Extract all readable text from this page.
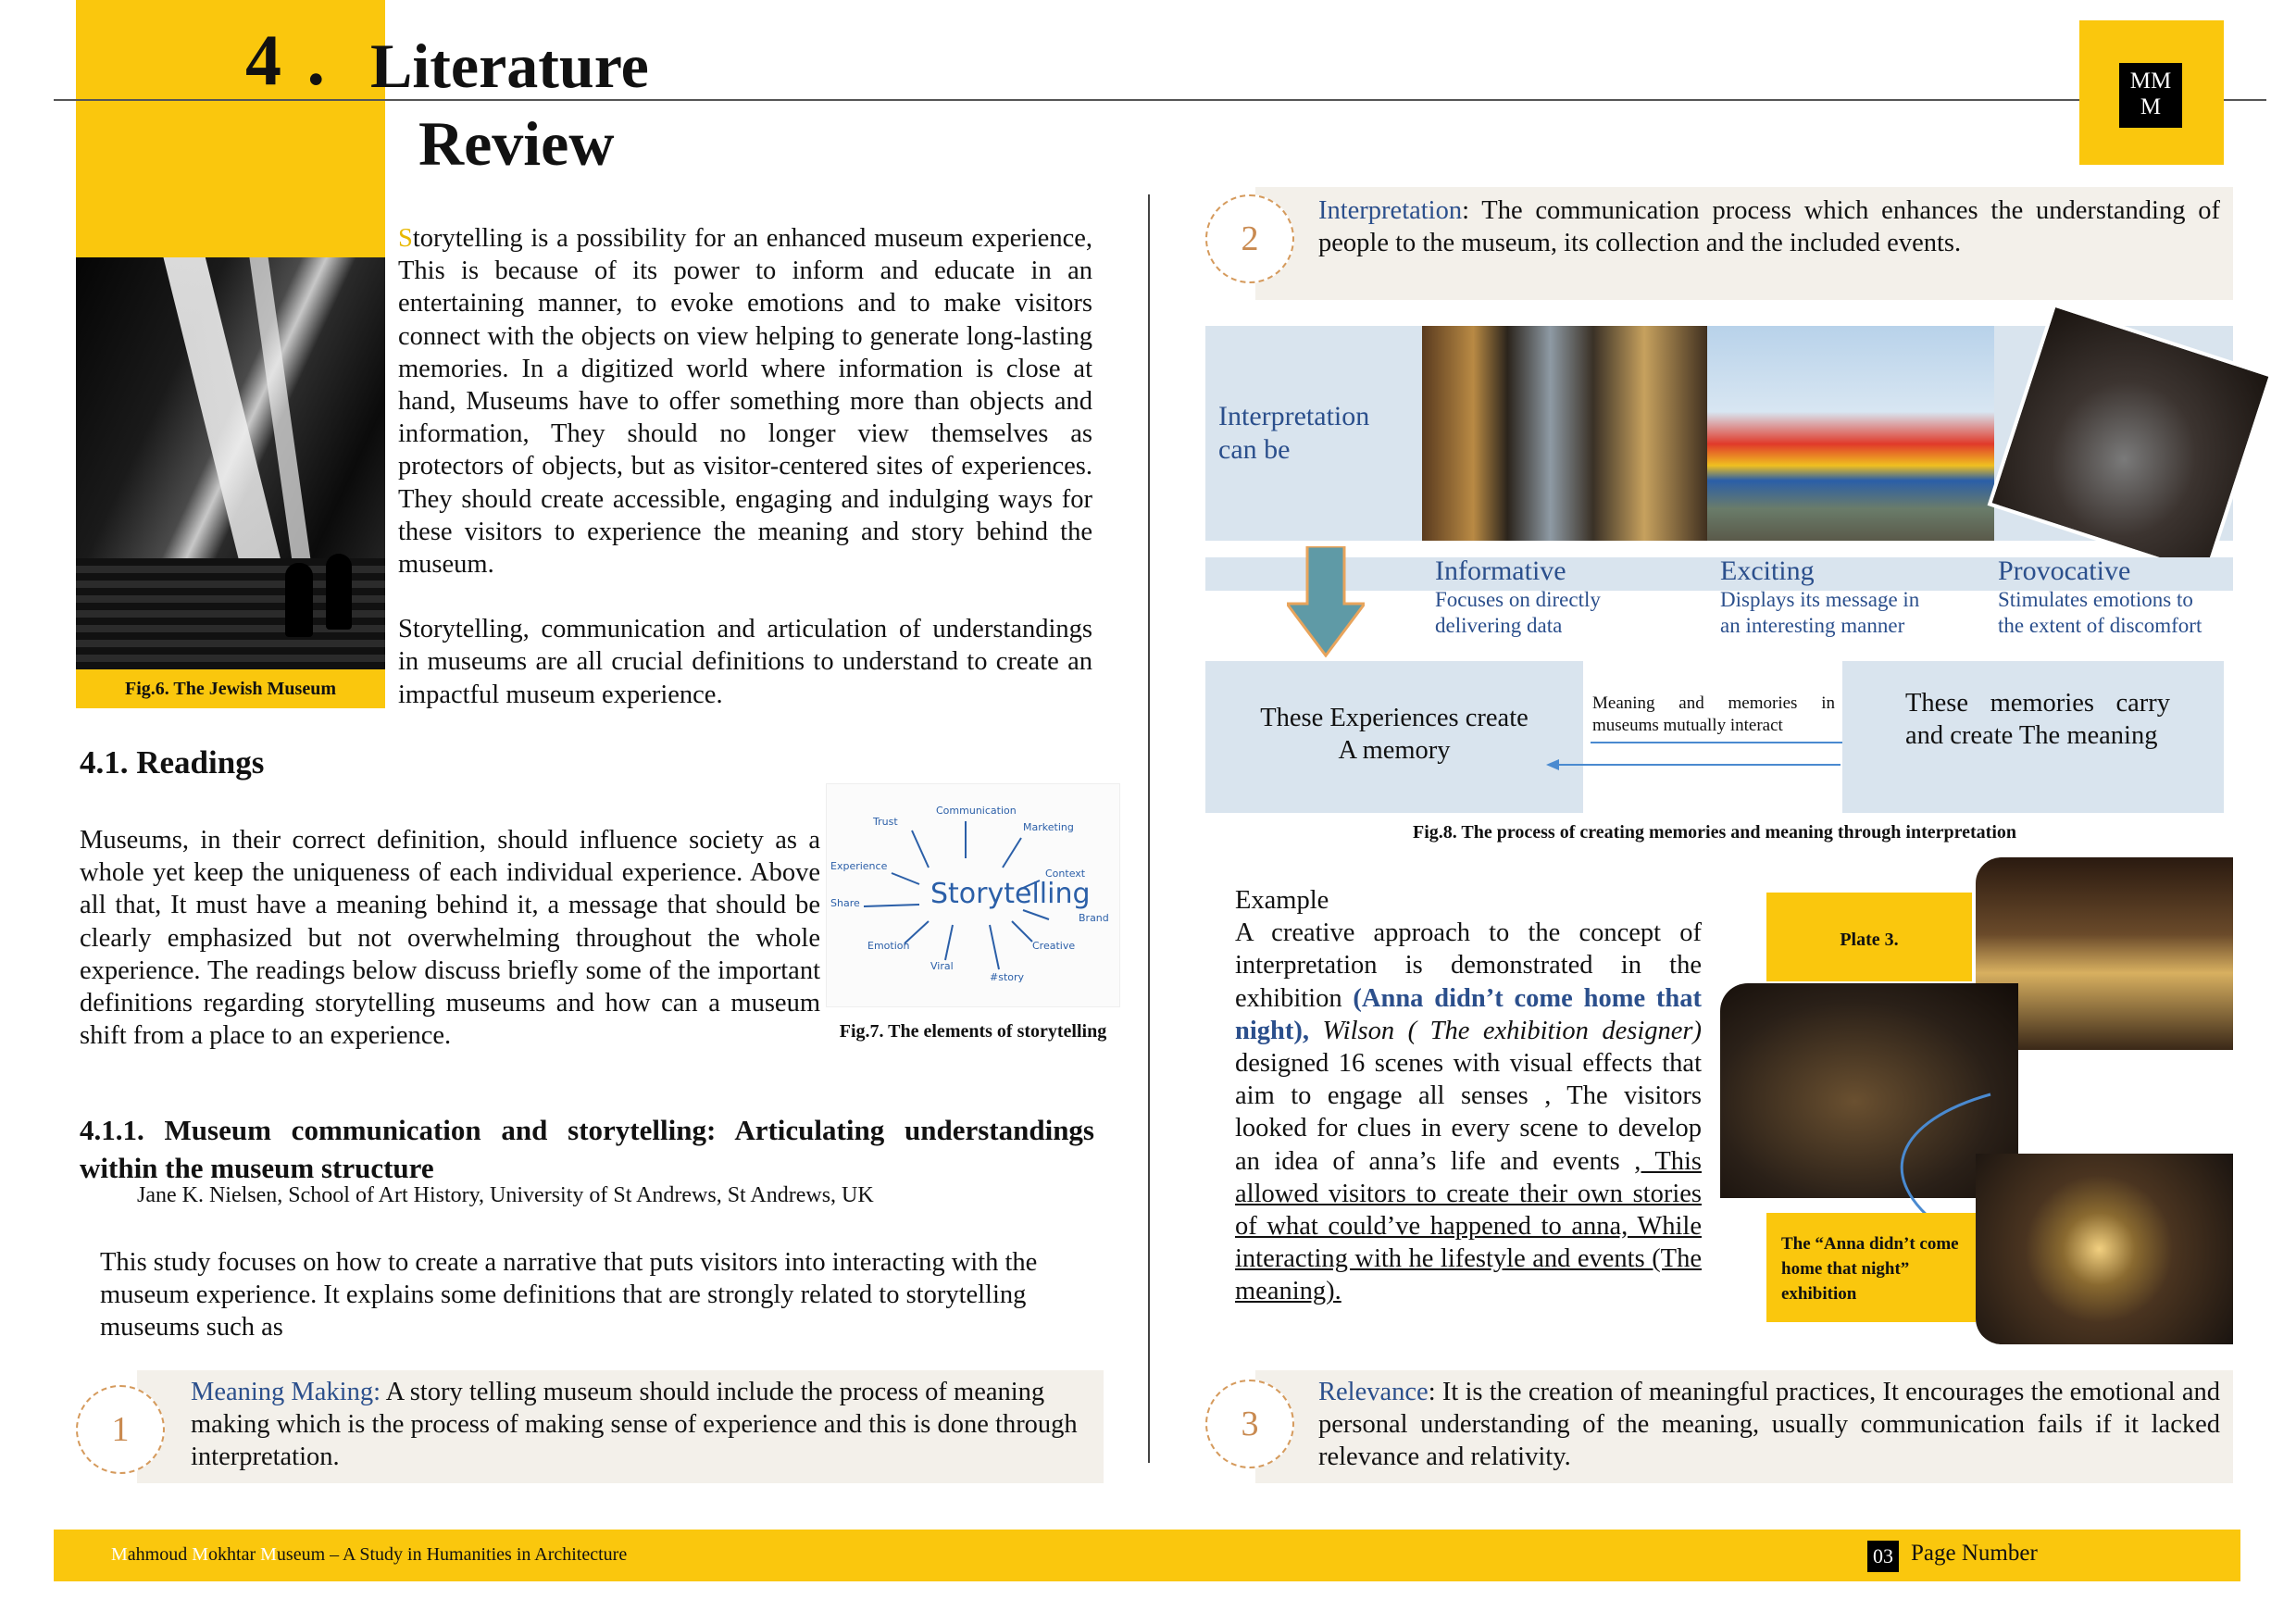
4 . Literature
Review
MM
M
Fig.6. The Jewish Museum

Storytelling is a possibility for an enhanced museum experience, This is because of its power to inform and educate in an entertaining manner, to evoke emotions and to make visitors connect with the objects on view helping to generate long-lasting memories. In a digitized world where information is close at hand, Museums have to offer something more than objects and information, They should no longer view themselves as protectors of objects, but as visitor-centered sites of experiences. They should create accessible, engaging and indulging ways for these visitors to experience the meaning and story behind the museum.

Storytelling, communication and articulation of understandings in museums are all crucial definitions to understand to create an impactful museum experience.

4.1. Readings
Museums, in their correct definition, should influence society as a whole yet keep the uniqueness of each individual experience. Above all that, It must have a meaning behind it, a message that should be clearly emphasized but not overwhelming throughout the whole experience. The readings below discuss briefly some of the important definitions regarding storytelling museums and how can a museum shift from a place to an experience.
Storytelling
Trust
Communication
Marketing
Experience
Context
Share
Brand
Emotion	Creative
Viral
#story
Fig.7. The elements of storytelling
4.1.1. Museum communication and storytelling: Articulating understandings within the museum structure
Jane K. Nielsen, School of Art History, University of St Andrews, St Andrews, UK
This study focuses on how to create a narrative that puts visitors into interacting with the museum experience. It explains some definitions that are strongly related to storytelling museums such as
1
Meaning Making: A story telling museum should include the process of meaning making which is the process of making sense of experience and this is done through interpretation.
2
Interpretation: The communication process which enhances the understanding of people to the museum, its collection and the included events.
Interpretation
can be
Informative
Focuses on directly
delivering data
Exciting
Displays its message in
an interesting manner
Provocative
Stimulates emotions to
the extent of discomfort
These Experiences create
A memory
Meaning and memories in museums mutually interact
These memories carry and create The meaning
Fig.8. The process of creating memories and meaning through interpretation
Example

A creative approach to the concept of interpretation is demonstrated in the exhibition (Anna didn’t come home that night), Wilson ( The exhibition designer) designed 16 scenes with visual effects that aim to engage all senses , The visitors looked for clues in every scene to develop an idea of anna’s life and events , This allowed visitors to create their own stories of what could’ve happened to anna, While interacting with he lifestyle and events (The meaning).

Plate 3.
The “Anna didn’t come home that night” exhibition
3
Relevance: It is the creation of meaningful practices, It encourages the emotional and personal understanding of the meaning, usually communication fails if it lacked relevance and relativity.
Mahmoud Mokhtar Museum – A Study in Humanities in Architecture	Page Number
03
